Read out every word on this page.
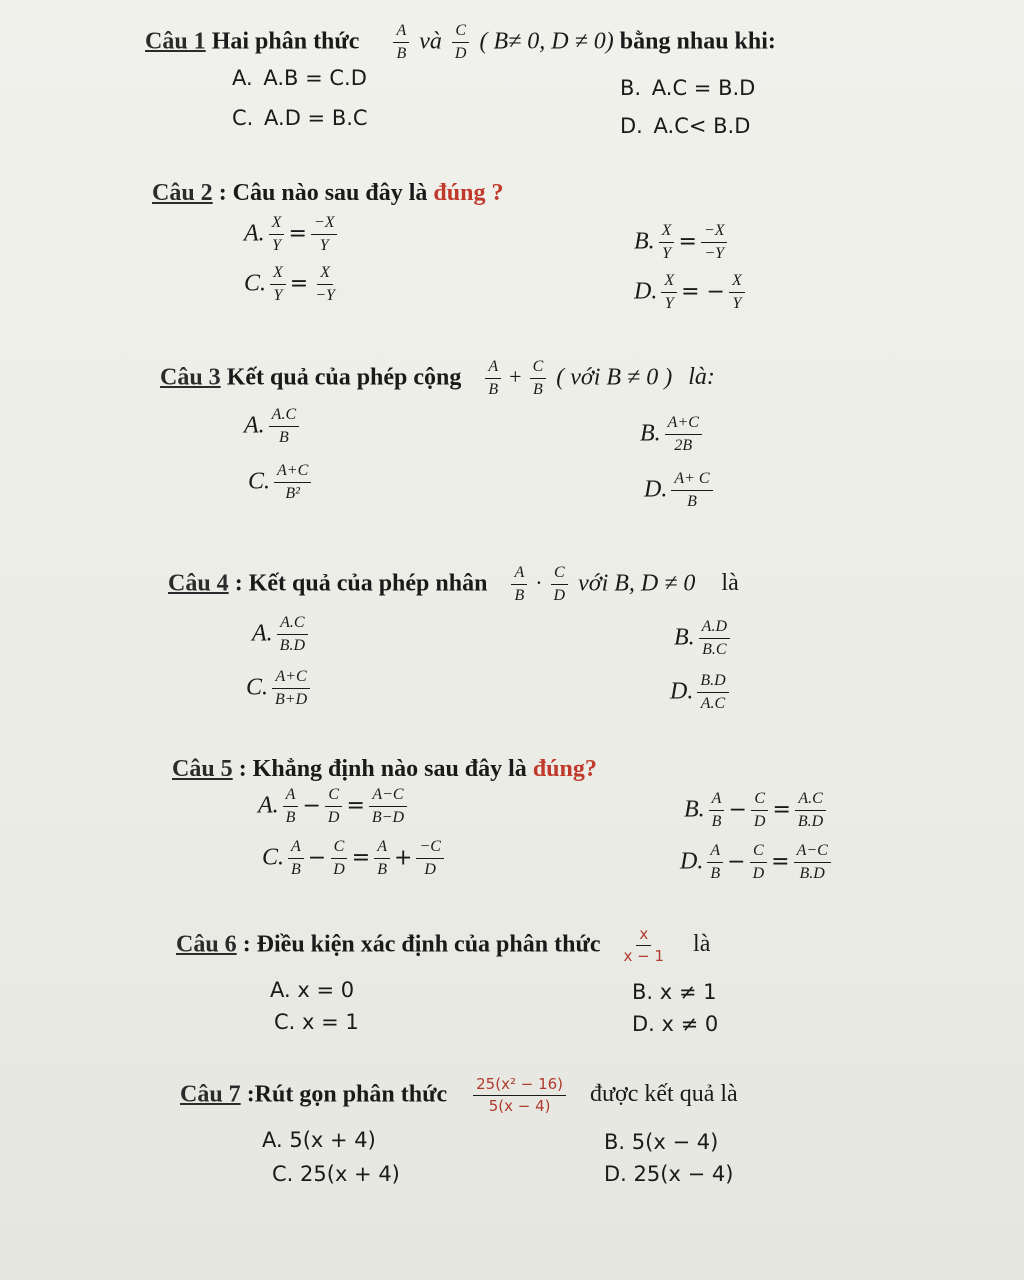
Câu 1 Hai phân thức $\frac{A}{B}$ và $\frac{C}{D}$ ( B≠ 0, D ≠ 0) bằng nhau khi:
A. A.B = C.D	B. A.C = B.D
C. A.D = B.C	D. A.C< B.D
Câu 2 : Câu nào sau đây là đúng ?
A. $\frac{X}{Y} = \frac{-X}{Y}$	B. $\frac{X}{Y} = \frac{-X}{-Y}$
C. $\frac{X}{Y} = \frac{X}{-Y}$	D. $\frac{X}{Y}$ = − $\frac{X}{Y}$
Câu 3 Kết quả của phép cộng $\frac{A}{B} + \frac{C}{B}$ ( với B ≠ 0 ) là:
A. $\frac{A.C}{B}$	B. $\frac{A+C}{2B}$
C. $\frac{A+C}{\text{B²}}$	D. $\frac{A+ C}{B}$
Câu 4 : Kết quả của phép nhân $\frac{A}{B} \cdot \frac{C}{D}$ với B, D ≠ 0 là
A. $\frac{A.C}{B.D}$	B. $\frac{A.D}{B.C}$
C. $\frac{A+C}{B+D}$	D. $\frac{B.D}{A.C}$
Câu 5 : Khẳng định nào sau đây là đúng?
A. $\frac{A}{B} - \frac{C}{D} = \frac{A-C}{B-D}$	B. $\frac{A}{B} - \frac{C}{D} = \frac{A.C}{B.D}$
C. $\frac{A}{B} - \frac{C}{D} = \frac{A}{B} + \frac{-C}{D}$	D. $\frac{A}{B} - \frac{C}{D} = \frac{A-C}{B.D}$
Câu 6 : Điều kiện xác định của phân thức $\frac{x}{x - 1}$ là
A. x = 0	B. x ≠ 1
C. x = 1	D. x ≠ 0
Câu 7 :Rút gọn phân thức $\frac{\text{25(x² − 16)}}{5(x - 4)}$ được kết quả là
A. 5(x + 4)	B. 5(x − 4)
C. 25(x + 4)	D. 25(x − 4)
